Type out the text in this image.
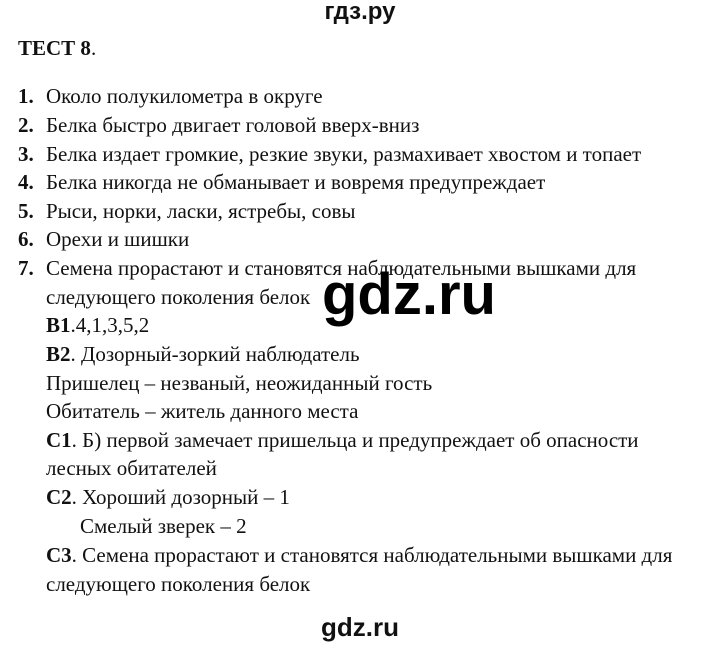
гдз.ру
ТЕСТ 8.
1. Около полукилометра в округе
2. Белка быстро двигает головой вверх-вниз
3. Белка издает громкие, резкие звуки, размахивает хвостом и топает
4. Белка никогда не обманывает и вовремя предупреждает
5. Рыси, норки, ласки, ястребы, совы
6. Орехи и шишки
7. Семена прорастают и становятся наблюдательными вышками для
следующего поколения белок
В1.4,1,3,5,2
В2. Дозорный-зоркий наблюдатель
Пришелец – незваный, неожиданный гость
Обитатель – житель данного места
С1. Б) первой замечает пришельца и предупреждает об опасности
лесных обитателей
С2. Хороший дозорный – 1
Смелый зверек – 2
С3. Семена прорастают и становятся наблюдательными вышками для
следующего поколения белок
gdz.ru
gdz.ru
